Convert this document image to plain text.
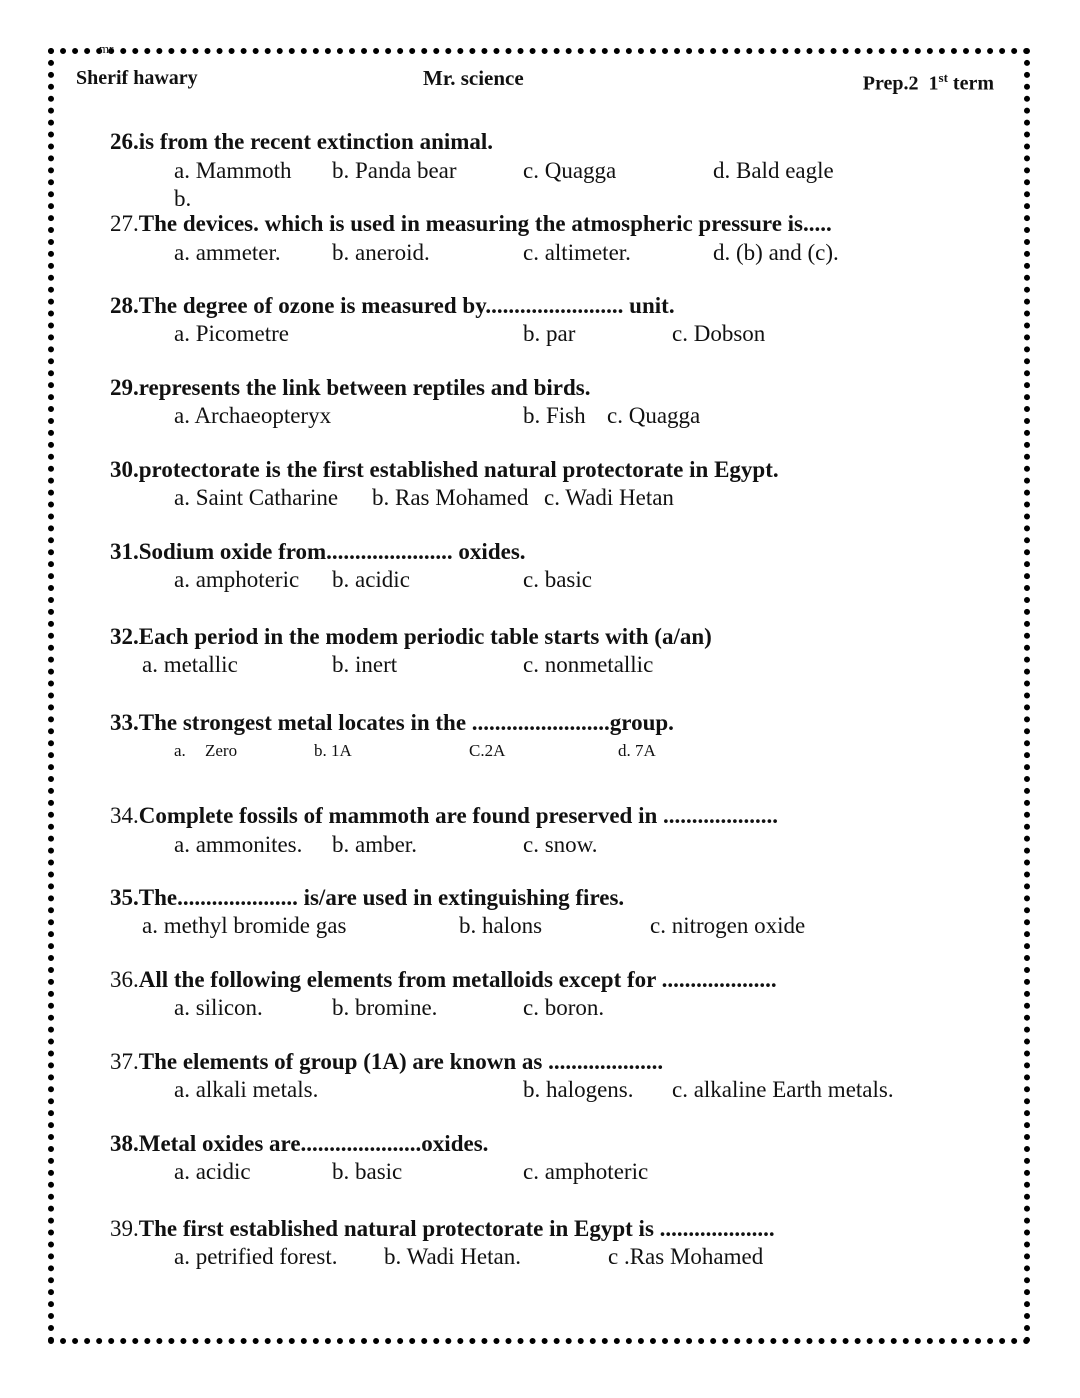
mr
Sherif hawary	Mr. science	Prep.2 1st term
26.is from the recent extinction animal.
a. Mammoth b. Panda bear	c. Quagga	d. Bald eagle
b.
27.The devices. which is used in measuring the atmospheric pressure is.....
a. ammeter. b. aneroid.	c. altimeter.	d. (b) and (c).
28.The degree of ozone is measured by........................ unit.
a. Picometre	b. par	c. Dobson
29.represents the link between reptiles and birds.
a. Archaeopteryx	b. Fish c. Quagga
30.protectorate is the first established natural protectorate in Egypt.
a. Saint Catharine b. Ras Mohamed c. Wadi Hetan
31.Sodium oxide from...................... oxides.
a. amphoteric b. acidic	c. basic
32.Each period in the modem periodic table starts with (a/an)
a. metallic	b. inert	c. nonmetallic
33.The strongest metal locates in the ........................group.
a. Zero	b. 1A	C.2A	d. 7A
34.Complete fossils of mammoth are found preserved in ....................
a. ammonites. b. amber.	c. snow.
35.The..................... is/are used in extinguishing fires.
a. methyl bromide gas	b. halons	c. nitrogen oxide
36.All the following elements from metalloids except for ....................
a. silicon.	b. bromine.	c. boron.
37.The elements of group (1A) are known as ....................
a. alkali metals.	b. halogens. c. alkaline Earth metals.
38.Metal oxides are.....................oxides.
a. acidic	b. basic	c. amphoteric
39.The first established natural protectorate in Egypt is ....................
a. petrified forest. b. Wadi Hetan.	c .Ras Mohamed
